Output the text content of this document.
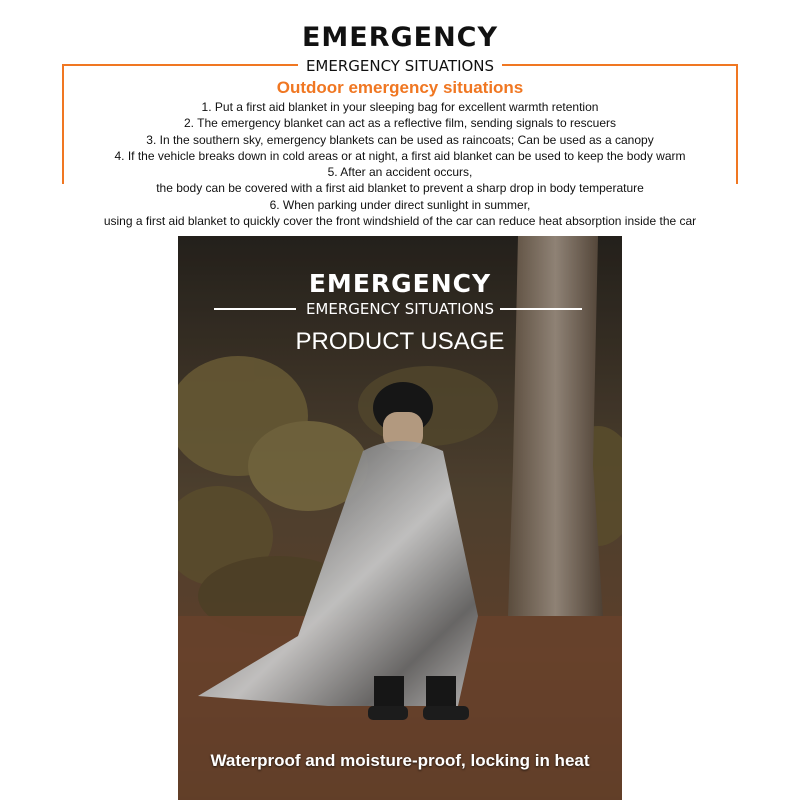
EMERGENCY
EMERGENCY SITUATIONS
Outdoor emergency situations
1. Put a first aid blanket in your sleeping bag for excellent warmth retention
2. The emergency blanket can act as a reflective film, sending signals to rescuers
3. In the southern sky, emergency blankets can be used as raincoats; Can be used as a canopy
4. If the vehicle breaks down in cold areas or at night, a first aid blanket can be used to keep the body warm
5. After an accident occurs,
the body can be covered with a first aid blanket to prevent a sharp drop in body temperature
6. When parking under direct sunlight in summer,
using a first aid blanket to quickly cover the front windshield of the car can reduce heat absorption inside the car
EMERGENCY
EMERGENCY SITUATIONS
PRODUCT USAGE
Waterproof and moisture-proof, locking in heat
